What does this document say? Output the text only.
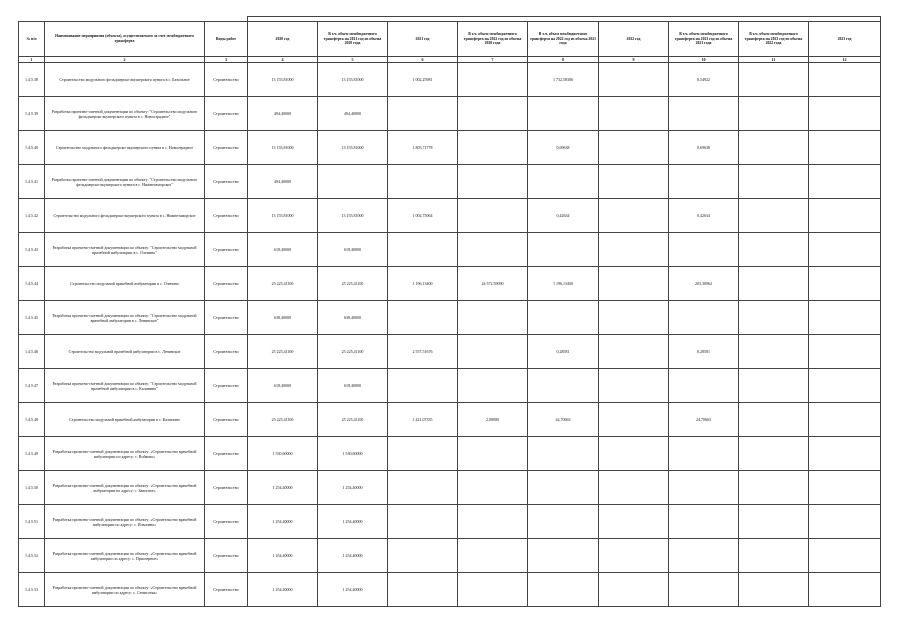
№ п/п	Наименование мероприятия (объекта), осуществляемого за счет межбюджетного трансферта	Виды работ	2020 год	В т.ч. объем межбюджетного трансферта на 2021 год из объема 2020 года	2021 год	В т.ч. объем межбюджетного трансферта на 2022 год из объема 2020 года	В т.ч. объем межбюджетного трансферта на 2022 год из объема 2021 года	2022 год	В т.ч. объем межбюджетного трансферта на 2023 год из объема 2021 года	В т.ч. объем межбюджетного трансферта на 2023 год из объема 2022 года	2023 год
1	2	3	4	5	6	7	8	9	10	11	12
1.4.5.38	Строительство модульного фельдшерско-акушерского пункта в с. Батальное	Строительство	13 155,81000	13 155,81000	1 002,25981		1 732,58306		0,54922		
1.4.5.39	Разработка проектно-сметной документации по объекту: "Строительство модульного фельдшерско-акушерского пункта в с. Новоотрадное"	Строительство	494,40000	494,40000							
1.4.5.40	Строительство модульного фельдшерско-акушерского пункта в с. Новоотрадное	Строительство	13 155,81000	13 155,81000	1 803,71778		0,69638		0,69638		
1.4.5.41	Разработка проектно-сметной документации по объекту: "Строительство модульного фельдшерско-акушерского пункта в с. Нижнезаморское"	Строительство	494,40000								
1.4.5.42	Строительство модульного фельдшерско-акушерского пункта в с. Нижнезаморское	Строительство	13 155,81000	13 155,81000	1 002,75064		0,42634		0,42634		
1.4.5.43	Разработка проектно-сметной документации по объекту: "Строительство модульной врачебной амбулатории в с. Оленино"	Строительство	618,40000	618,40000							
1.4.5.44	Строительство модульной врачебной амбулатории в с. Оленино	Строительство	25 225,41100	25 225,41100	1 196,13400	24 572,59090	1 196,13400		203,30962		
1.4.5.45	Разработка проектно-сметной документации по объекту: "Строительство модульной врачебной амбулатории в с. Ленинское"	Строительство	638,40000	638,40000							
1.4.5.46	Строительство модульной врачебной амбулатории в с. Ленинское	Строительство	25 225,41100	25 225,41100	2 557,51676		0,28581		0,28581		
1.4.5.47	Разработка проектно-сметной документации по объекту: "Строительство модульной врачебной амбулатории в с. Калинино"	Строительство	618,40000	618,40000							
1.4.5.48	Строительство модульной врачебной амбулатории в с. Калинино	Строительство	25 225,41100	25 225,41100	1 421,07335	2,08080	24,70663		24,70663		
1.4.5.49	Разработка проектно-сметной документации по объекту: «Строительство врачебной амбулатории по адресу: с. Войково»	Строительство	1 530,60000	1 530,60000							
1.4.5.50	Разработка проектно-сметной документации по объекту: «Строительство врачебной амбулатории по адресу: с. Заветное»	Строительство	1 254,40000	1 254,40000							
1.4.5.51	Разработка проектно-сметной документации по объекту: «Строительство врачебной амбулатории по адресу: с. Ильичево»	Строительство	1 254,40000	1 254,40000							
1.4.5.52	Разработка проектно-сметной документации по объекту: «Строительство врачебной амбулатории по адресу: с. Приозерное»	Строительство	1 254,40000	1 254,40000							
1.4.5.53	Разработка проектно-сметной документации по объекту: «Строительство врачебной амбулатории по адресу: с. Семисотка»	Строительство	1 254,40000	1 254,40000							
